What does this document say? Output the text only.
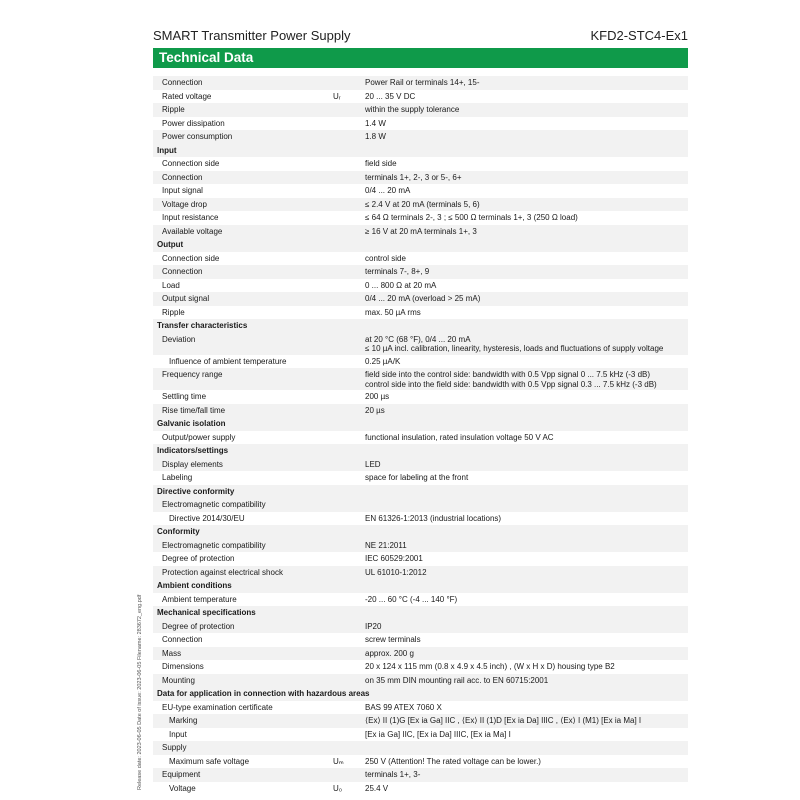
SMART Transmitter Power Supply	KFD2-STC4-Ex1
Technical Data
Connection	Power Rail or terminals 14+, 15-
Rated voltage	Uᵣ	20 ... 35 V DC
Ripple	within the supply tolerance
Power dissipation	1.4 W
Power consumption	1.8 W
Input
Connection side	field side
Connection	terminals 1+, 2-, 3 or 5-, 6+
Input signal	0/4 ... 20 mA
Voltage drop	≤ 2.4 V at 20 mA (terminals 5, 6)
Input resistance	≤ 64 Ω terminals 2-, 3 ; ≤ 500 Ω terminals 1+, 3 (250 Ω load)
Available voltage	≥ 16 V at 20 mA terminals 1+, 3
Output
Connection side	control side
Connection	terminals 7-, 8+, 9
Load	0 ... 800 Ω at 20 mA
Output signal	0/4 ... 20 mA (overload > 25 mA)
Ripple	max. 50 µA rms
Transfer characteristics
Deviation	at 20 °C (68 °F), 0/4 ... 20 mA
≤ 10 µA incl. calibration, linearity, hysteresis, loads and fluctuations of supply voltage
Influence of ambient temperature	0.25 µA/K
Frequency range	field side into the control side: bandwidth with 0.5 Vpp signal 0 ... 7.5 kHz (-3 dB)
control side into the field side: bandwidth with 0.5 Vpp signal 0.3 ... 7.5 kHz (-3 dB)
Settling time	200 µs
Rise time/fall time	20 µs
Galvanic isolation
Output/power supply	functional insulation, rated insulation voltage 50 V AC
Indicators/settings
Display elements	LED
Labeling	space for labeling at the front
Directive conformity
Electromagnetic compatibility
Directive 2014/30/EU	EN 61326-1:2013 (industrial locations)
Conformity
Electromagnetic compatibility	NE 21:2011
Degree of protection	IEC 60529:2001
Protection against electrical shock	UL 61010-1:2012
Ambient conditions
Ambient temperature	-20 ... 60 °C (-4 ... 140 °F)
Mechanical specifications
Degree of protection	IP20
Connection	screw terminals
Mass	approx. 200 g
Dimensions	20 x 124 x 115 mm (0.8 x 4.9 x 4.5 inch) , (W x H x D) housing type B2
Mounting	on 35 mm DIN mounting rail acc. to EN 60715:2001
Data for application in connection with hazardous areas
EU-type examination certificate	BAS 99 ATEX 7060 X
Marking	⟨Ex⟩ II (1)G [Ex ia Ga] IIC , ⟨Ex⟩ II (1)D [Ex ia Da] IIIC , ⟨Ex⟩ I (M1) [Ex ia Ma] I
Input	[Ex ia Ga] IIC, [Ex ia Da] IIIC, [Ex ia Ma] I
Supply
Maximum safe voltage	Uₘ	250 V (Attention! The rated voltage can be lower.)
Equipment	terminals 1+, 3-
Voltage	U₀	25.4 V
Release date: 2023-06-05 Date of issue: 2023-06-05 Filename: 283672_eng.pdf
